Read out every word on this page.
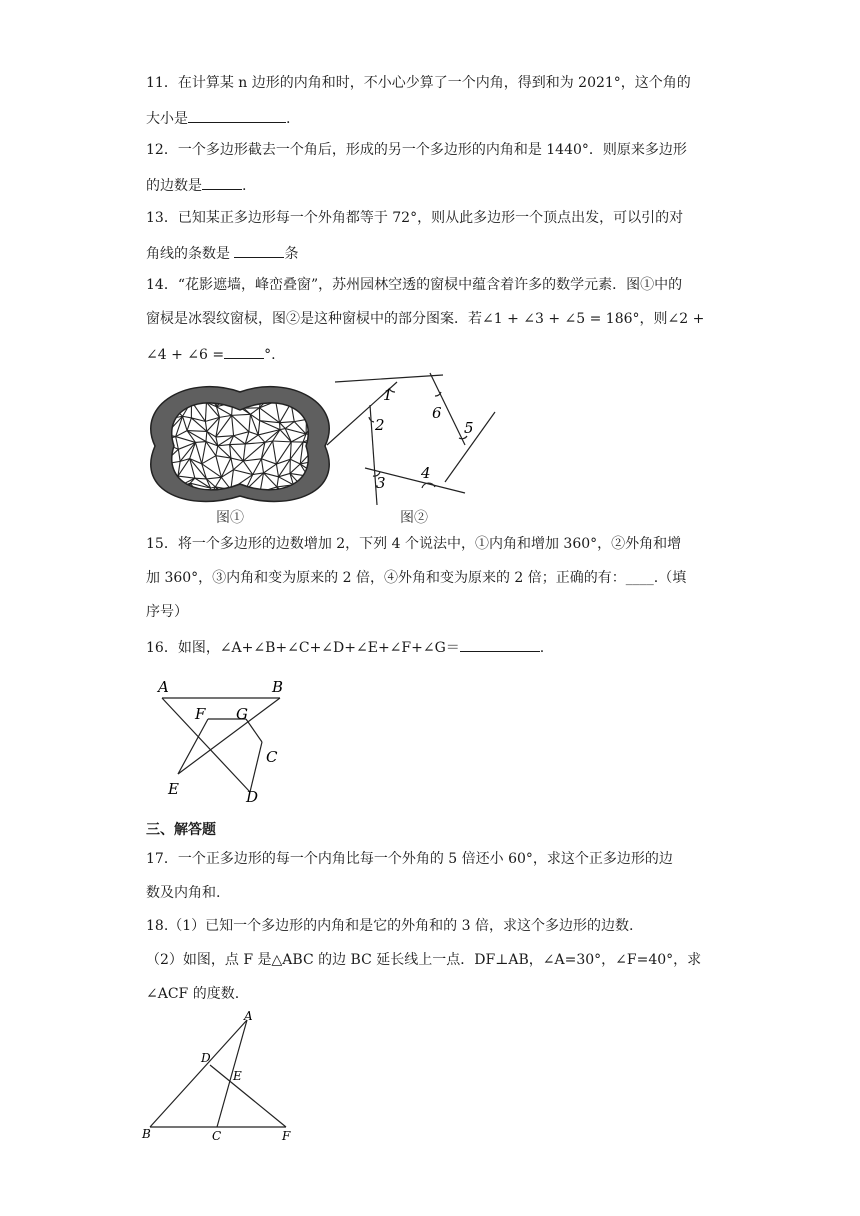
11．在计算某 n 边形的内角和时，不小心少算了一个内角，得到和为 2021°，这个角的
大小是	.
12．一个多边形截去一个角后，形成的另一个多边形的内角和是 1440°．则原来多边形
的边数是	.
13．已知某正多边形每一个外角都等于 72°，则从此多边形一个顶点出发，可以引的对
角线的条数是	条
14．“花影遮墙，峰峦叠窗”，苏州园林空透的窗棂中蕴含着许多的数学元素．图①中的
窗棂是冰裂纹窗棂，图②是这种窗棂中的部分图案．若∠1 + ∠3 + ∠5 = 186°，则∠2 +
∠4 + ∠6 =	°.
图①
1
2
3
4
5
6
图②
15．将一个多边形的边数增加 2，下列 4 个说法中，①内角和增加 360°，②外角和增
加 360°，③内角和变为原来的 2 倍，④外角和变为原来的 2 倍；正确的有：____.（填
序号）
16．如图，∠A+∠B+∠C+∠D+∠E+∠F+∠G＝	.
A	B
C
D
E
F G
三、解答题
17．一个正多边形的每一个内角比每一个外角的 5 倍还小 60°，求这个正多边形的边
数及内角和.
18.（1）已知一个多边形的内角和是它的外角和的 3 倍，求这个多边形的边数.
（2）如图，点 F 是△ABC 的边 BC 延长线上一点．DF⊥AB，∠A=30°，∠F=40°，求
∠ACF 的度数.
A
B	C
D
E
F
